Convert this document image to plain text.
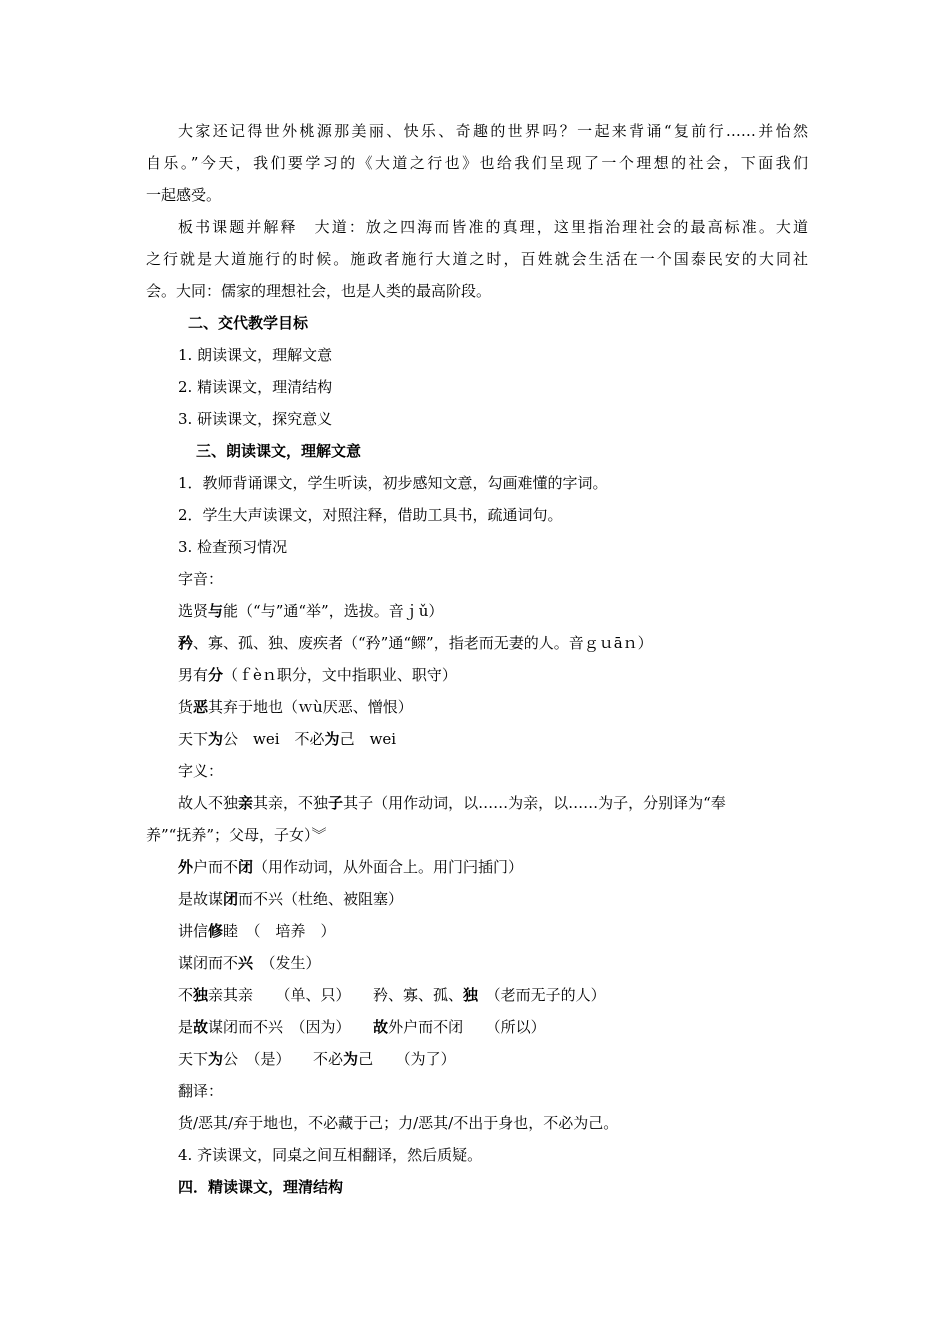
大家还记得世外桃源那美丽、快乐、奇趣的世界吗？一起来背诵“复前行……并怡然
自乐。”今天，我们要学习的《大道之行也》也给我们呈现了一个理想的社会，下面我们
一起感受。
板书课题并解释　大道：放之四海而皆准的真理，这里指治理社会的最高标准。大道
之行就是大道施行的时候。施政者施行大道之时，百姓就会生活在一个国泰民安的大同社
会。大同：儒家的理想社会，也是人类的最高阶段。
二、交代教学目标
1. 朗读课文，理解文意
2. 精读课文，理清结构
3. 研读课文，探究意义
三、朗读课文，理解文意
1．教师背诵课文，学生听读，初步感知文意，勾画难懂的字词。
2．学生大声读课文，对照注释，借助工具书，疏通词句。
3. 检查预习情况
字音：
选贤与能（“与”通“举”，选拔。音ｊǔ）
矜、寡、孤、独、废疾者（“矜”通“鳏”，指老而无妻的人。音ｇｕāｎ）
男有分（ｆèｎ职分，文中指职业、职守）
货恶其弃于地也（ｗù厌恶、憎恨）
天下为公　wei　不必为己　wei
字义：
故人不独亲其亲，不独子其子（用作动词，以……为亲，以……为子，分别译为“奉
养”“抚养”；父母，子女）︾
外户而不闭（用作动词，从外面合上。用门闩插门）
是故谋闭而不兴（杜绝、被阻塞）
讲信修睦　（　培养　）
谋闭而不兴　（发生）
不独亲其亲　　（单、只）　　矜、寡、孤、独　（老而无子的人）
是故谋闭而不兴　（因为）　　故外户而不闭　　（所以）
天下为公　（是）　　不必为己　　（为了）
翻译：
货/恶其/弃于地也，不必藏于己；力/恶其/不出于身也，不必为己。
4. 齐读课文，同桌之间互相翻译，然后质疑。
四．精读课文，理清结构
